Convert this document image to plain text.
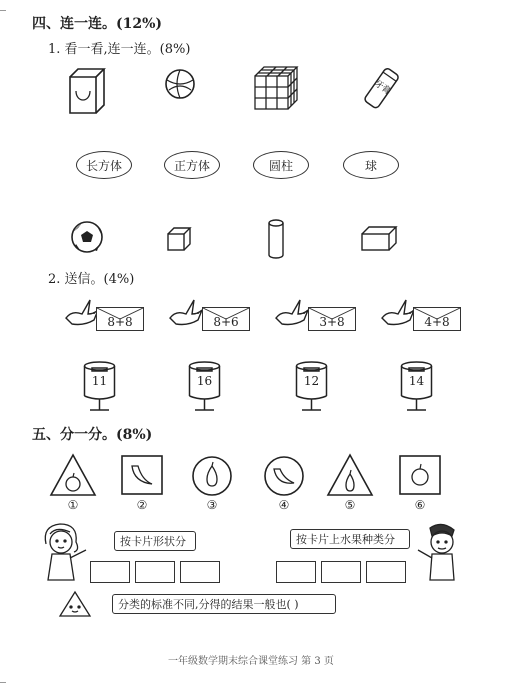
四、连一连。(12%)
1. 看一看,连一连。(8%)
牙膏
长方体	正方体	圆柱	球
2. 送信。(4%)
8+8	8+6	3+8	4+8
11	16	12	14
五、分一分。(8%)
①	②	③	④	⑤	⑥
按卡片形状分	按卡片上水果种类分
分类的标准不同,分得的结果一般也( )
一年级数学期末综合课堂练习 第 3 页
